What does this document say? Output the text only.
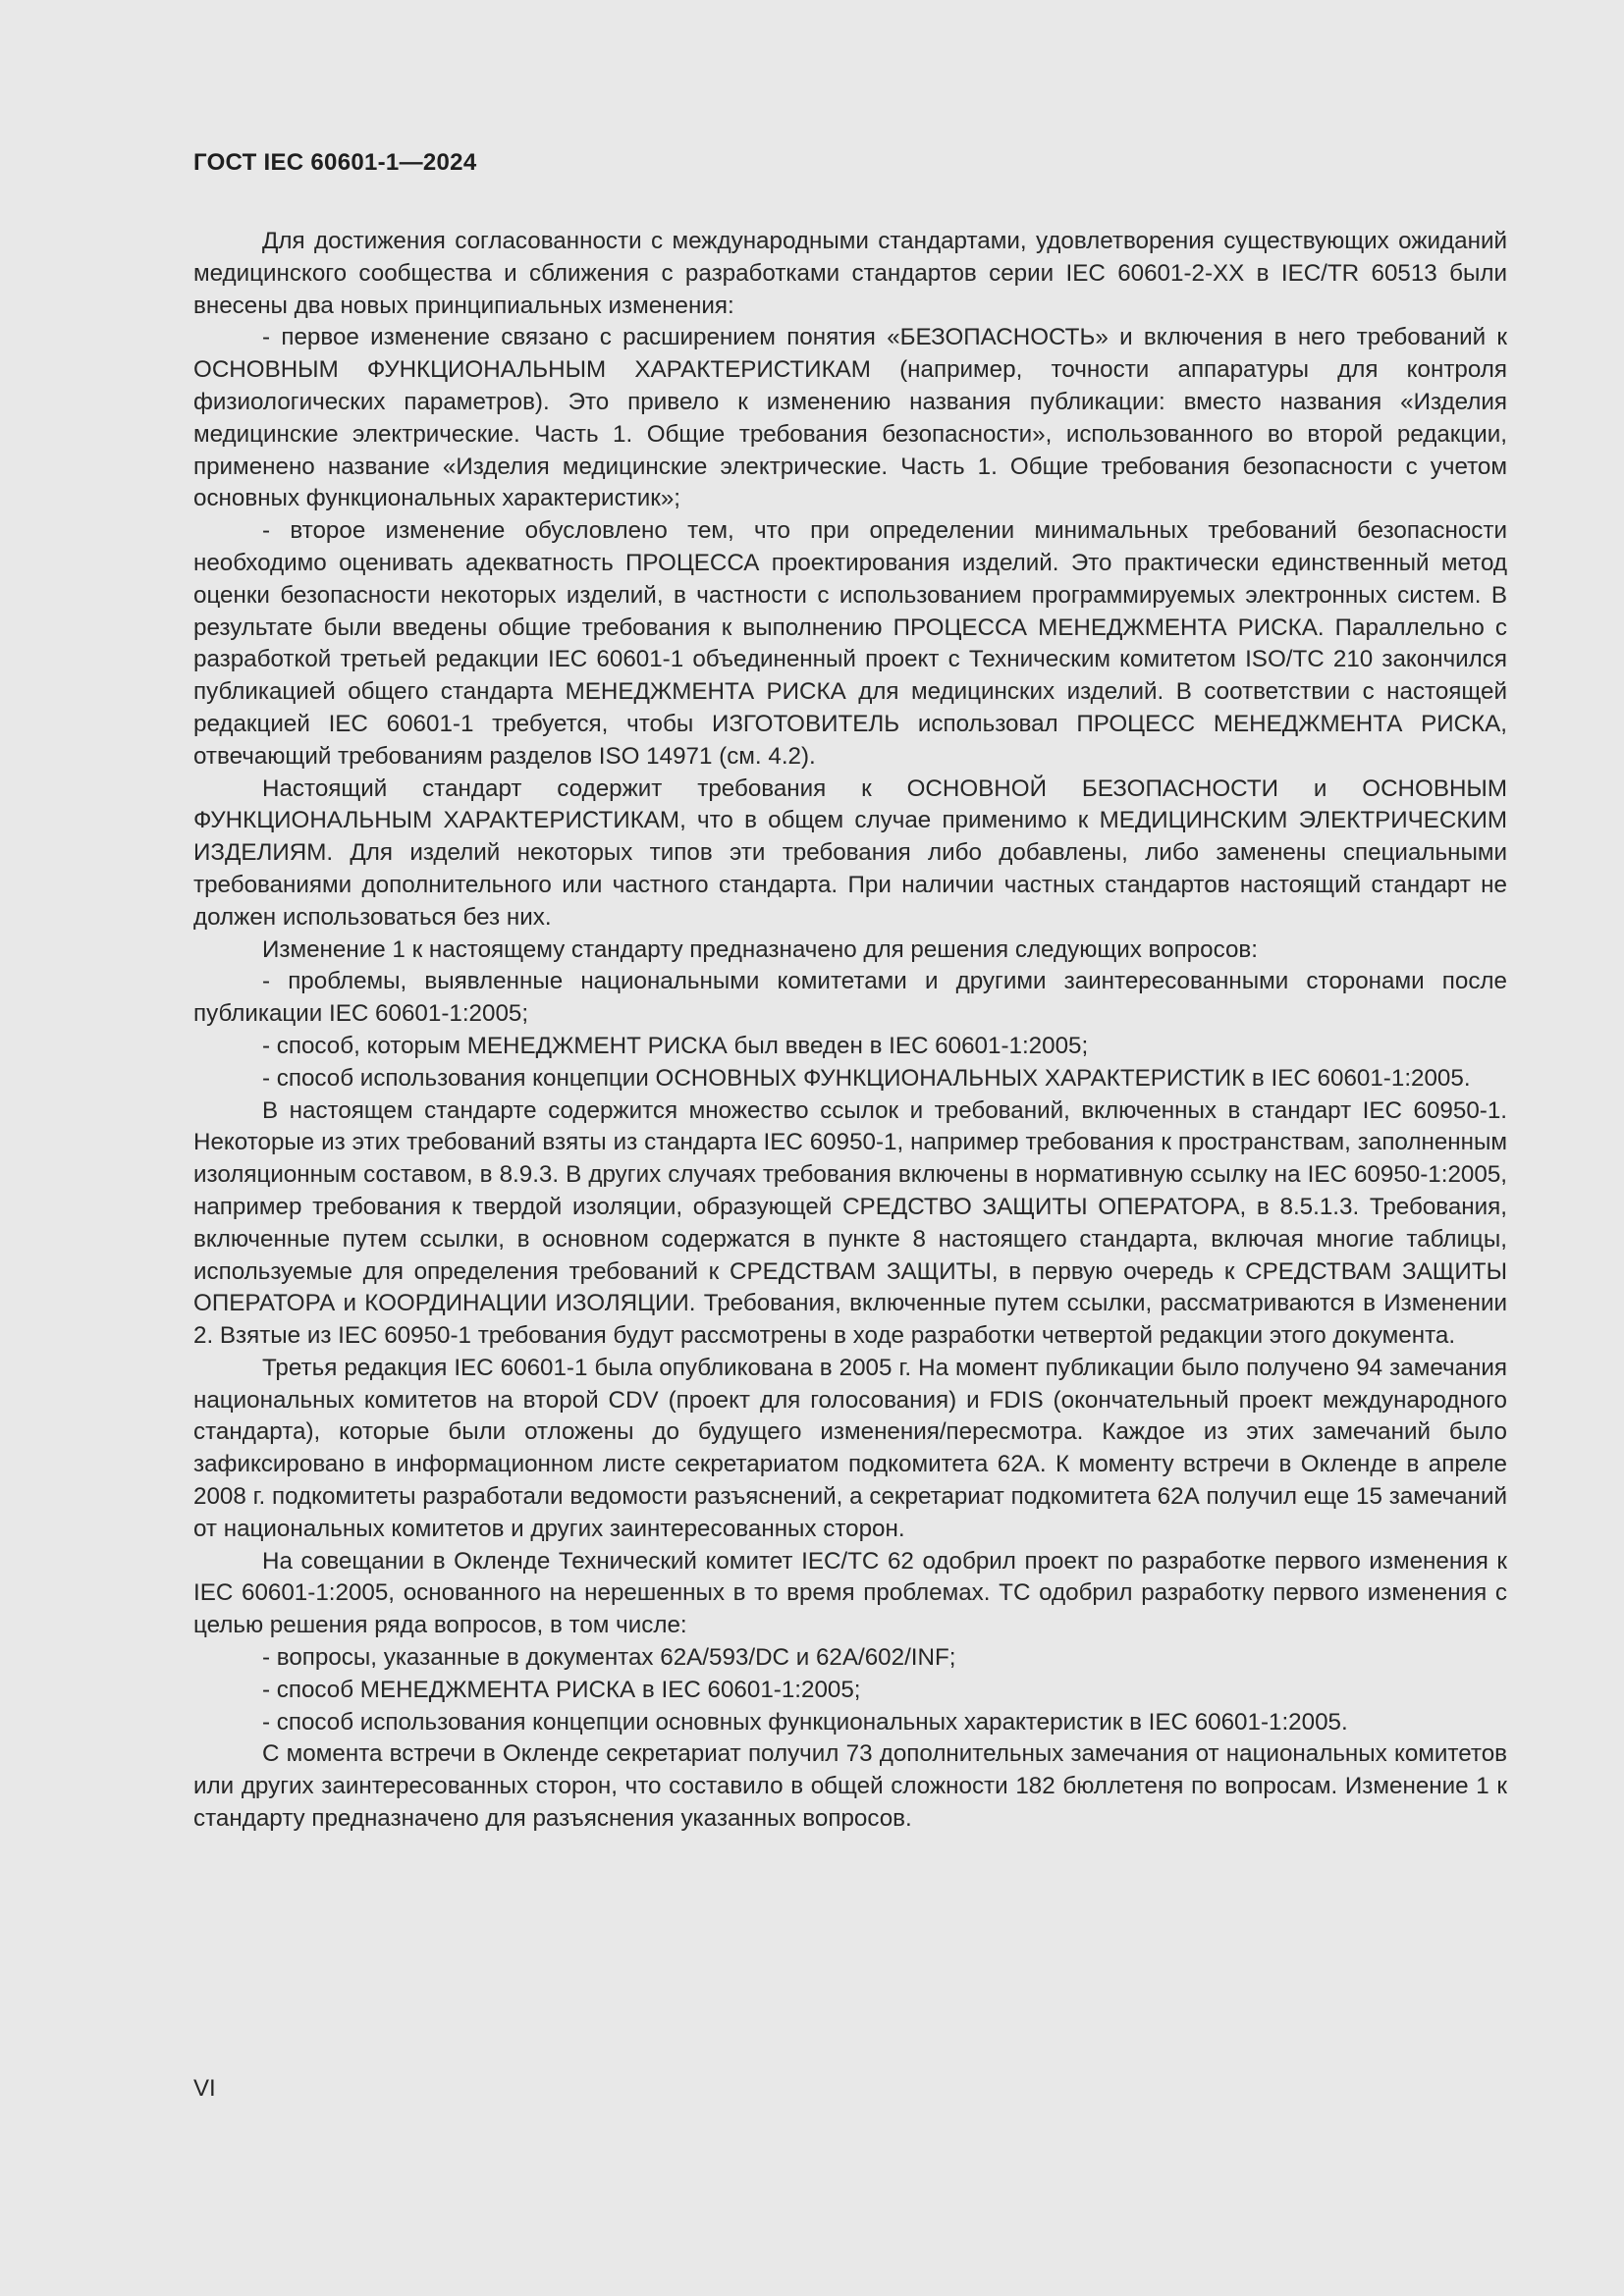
ГОСТ IEC 60601-1—2024

Для достижения согласованности с международными стандартами, удовлетворения существующих ожиданий медицинского сообщества и сближения с разработками стандартов серии IEC 60601-2-XX в IEC/TR 60513 были внесены два новых принципиальных изменения:

- первое изменение связано с расширением понятия «БЕЗОПАСНОСТЬ» и включения в него требований к ОСНОВНЫМ ФУНКЦИОНАЛЬНЫМ ХАРАКТЕРИСТИКАМ (например, точности аппаратуры для контроля физиологических параметров). Это привело к изменению названия публикации: вместо названия «Изделия медицинские электрические. Часть 1. Общие требования безопасности», использованного во второй редакции, применено название «Изделия медицинские электрические. Часть 1. Общие требования безопасности с учетом основных функциональных характеристик»;

- второе изменение обусловлено тем, что при определении минимальных требований безопасности необходимо оценивать адекватность ПРОЦЕССА проектирования изделий. Это практически единственный метод оценки безопасности некоторых изделий, в частности с использованием программируемых электронных систем. В результате были введены общие требования к выполнению ПРОЦЕССА МЕНЕДЖМЕНТА РИСКА. Параллельно с разработкой третьей редакции IEC 60601-1 объединенный проект с Техническим комитетом ISO/TC 210 закончился публикацией общего стандарта МЕНЕДЖМЕНТА РИСКА для медицинских изделий. В соответствии с настоящей редакцией IEC 60601-1 требуется, чтобы ИЗГОТОВИТЕЛЬ использовал ПРОЦЕСС МЕНЕДЖМЕНТА РИСКА, отвечающий требованиям разделов ISO 14971 (см. 4.2).

Настоящий стандарт содержит требования к ОСНОВНОЙ БЕЗОПАСНОСТИ и ОСНОВНЫМ ФУНКЦИОНАЛЬНЫМ ХАРАКТЕРИСТИКАМ, что в общем случае применимо к МЕДИЦИНСКИМ ЭЛЕКТРИЧЕСКИМ ИЗДЕЛИЯМ. Для изделий некоторых типов эти требования либо добавлены, либо заменены специальными требованиями дополнительного или частного стандарта. При наличии частных стандартов настоящий стандарт не должен использоваться без них.

Изменение 1 к настоящему стандарту предназначено для решения следующих вопросов:

- проблемы, выявленные национальными комитетами и другими заинтересованными сторонами после публикации IEC 60601-1:2005;

- способ, которым МЕНЕДЖМЕНТ РИСКА был введен в IEC 60601-1:2005;

- способ использования концепции ОСНОВНЫХ ФУНКЦИОНАЛЬНЫХ ХАРАКТЕРИСТИК в IEC 60601-1:2005.

В настоящем стандарте содержится множество ссылок и требований, включенных в стандарт IEC 60950-1. Некоторые из этих требований взяты из стандарта IEC 60950-1, например требования к пространствам, заполненным изоляционным составом, в 8.9.3. В других случаях требования включены в нормативную ссылку на IEC 60950-1:2005, например требования к твердой изоляции, образующей СРЕДСТВО ЗАЩИТЫ ОПЕРАТОРА, в 8.5.1.3. Требования, включенные путем ссылки, в основном содержатся в пункте 8 настоящего стандарта, включая многие таблицы, используемые для определения требований к СРЕДСТВАМ ЗАЩИТЫ, в первую очередь к СРЕДСТВАМ ЗАЩИТЫ ОПЕРАТОРА и КООРДИНАЦИИ ИЗОЛЯЦИИ. Требования, включенные путем ссылки, рассматриваются в Изменении 2. Взятые из IEC 60950-1 требования будут рассмотрены в ходе разработки четвертой редакции этого документа.

Третья редакция IEC 60601-1 была опубликована в 2005 г. На момент публикации было получено 94 замечания национальных комитетов на второй CDV (проект для голосования) и FDIS (окончательный проект международного стандарта), которые были отложены до будущего изменения/пересмотра. Каждое из этих замечаний было зафиксировано в информационном листе секретариатом подкомитета 62А. К моменту встречи в Окленде в апреле 2008 г. подкомитеты разработали ведомости разъяснений, а секретариат подкомитета 62А получил еще 15 замечаний от национальных комитетов и других заинтересованных сторон.

На совещании в Окленде Технический комитет IEC/TC 62 одобрил проект по разработке первого изменения к IEC 60601-1:2005, основанного на нерешенных в то время проблемах. ТС одобрил разработку первого изменения с целью решения ряда вопросов, в том числе:

- вопросы, указанные в документах 62A/593/DC и 62A/602/INF;

- способ МЕНЕДЖМЕНТА РИСКА в IEC 60601-1:2005;

- способ использования концепции основных функциональных характеристик в IEC 60601-1:2005.

С момента встречи в Окленде секретариат получил 73 дополнительных замечания от национальных комитетов или других заинтересованных сторон, что составило в общей сложности 182 бюллетеня по вопросам. Изменение 1 к стандарту предназначено для разъяснения указанных вопросов.

VI
